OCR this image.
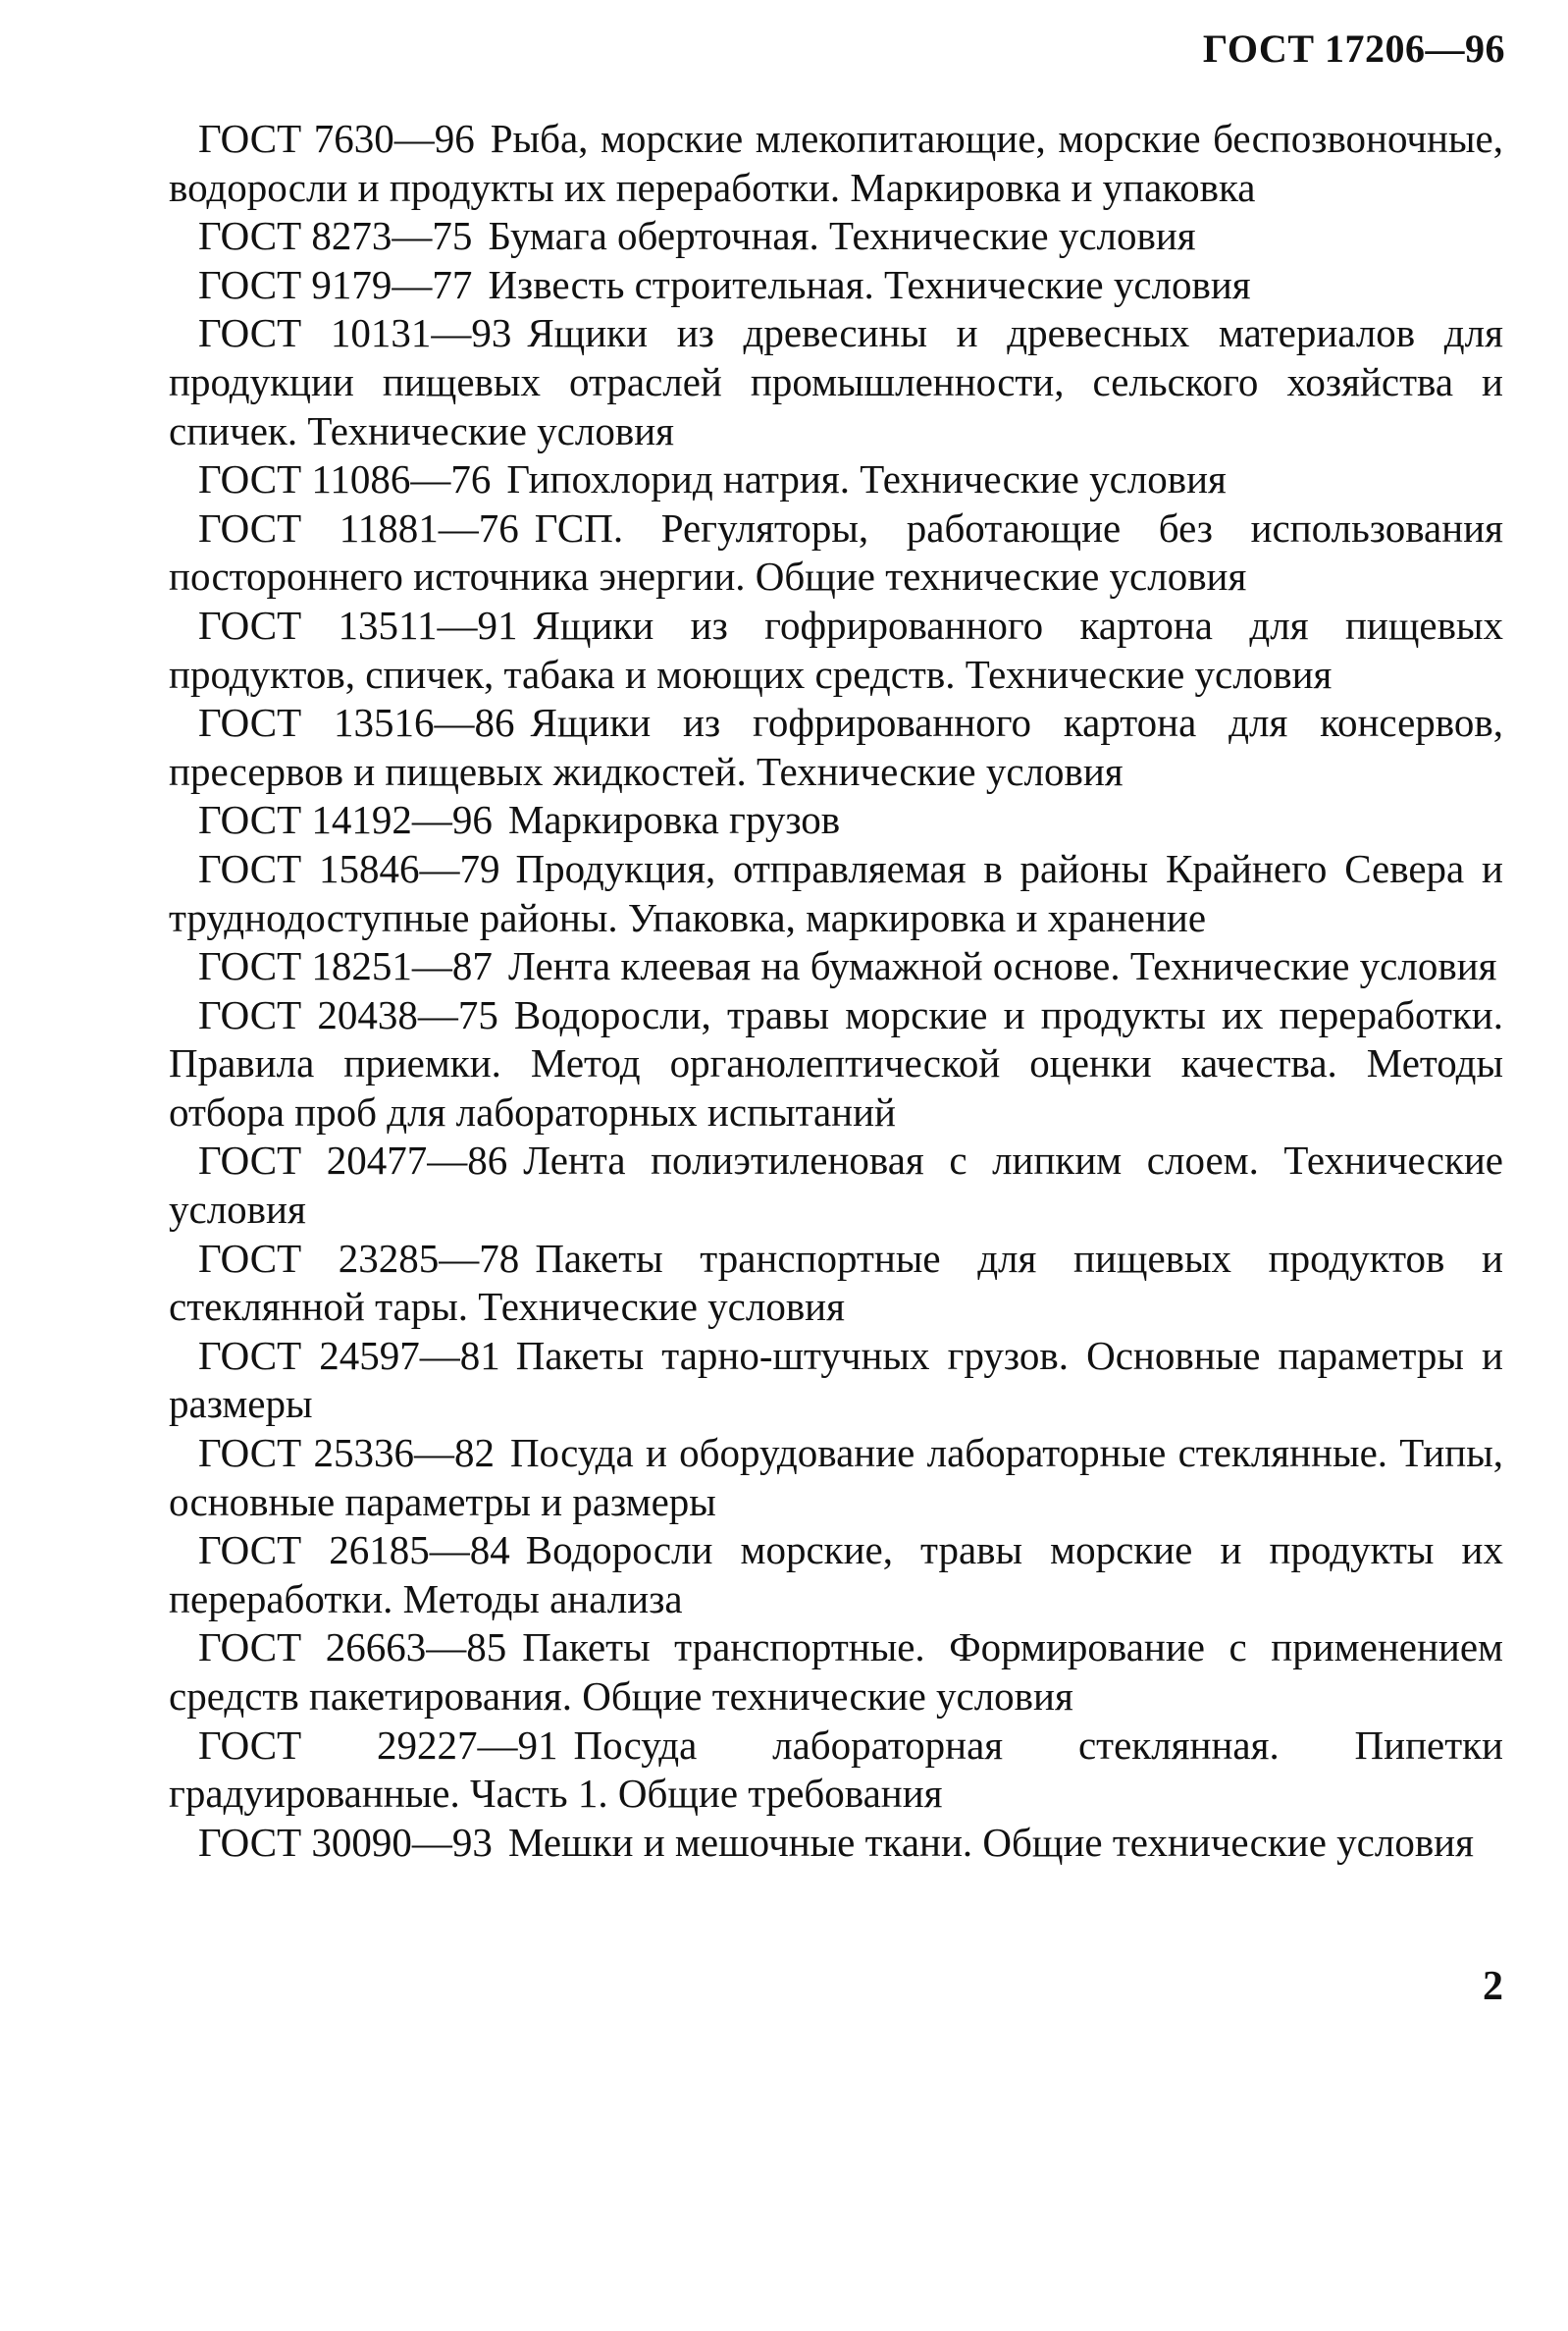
ГОСТ 17206—96
ГОСТ 7630—96 Рыба, морские млекопитающие, морские беспозвоночные, водоросли и продукты их переработки. Маркировка и упаковка
ГОСТ 8273—75 Бумага оберточная. Технические условия
ГОСТ 9179—77 Известь строительная. Технические условия
ГОСТ 10131—93 Ящики из древесины и древесных материалов для продукции пищевых отраслей промышленности, сельского хозяйства и спичек. Технические условия
ГОСТ 11086—76 Гипохлорид натрия. Технические условия
ГОСТ 11881—76 ГСП. Регуляторы, работающие без использования постороннего источника энергии. Общие технические условия
ГОСТ 13511—91 Ящики из гофрированного картона для пищевых продуктов, спичек, табака и моющих средств. Технические условия
ГОСТ 13516—86 Ящики из гофрированного картона для консервов, пресервов и пищевых жидкостей. Технические условия
ГОСТ 14192—96 Маркировка грузов
ГОСТ 15846—79 Продукция, отправляемая в районы Крайнего Севера и труднодоступные районы. Упаковка, маркировка и хранение
ГОСТ 18251—87 Лента клеевая на бумажной основе. Технические условия
ГОСТ 20438—75 Водоросли, травы морские и продукты их переработки. Правила приемки. Метод органолептической оценки качества. Методы отбора проб для лабораторных испытаний
ГОСТ 20477—86 Лента полиэтиленовая с липким слоем. Технические условия
ГОСТ 23285—78 Пакеты транспортные для пищевых продуктов и стеклянной тары. Технические условия
ГОСТ 24597—81 Пакеты тарно-штучных грузов. Основные параметры и размеры
ГОСТ 25336—82 Посуда и оборудование лабораторные стеклянные. Типы, основные параметры и размеры
ГОСТ 26185—84 Водоросли морские, травы морские и продукты их переработки. Методы анализа
ГОСТ 26663—85 Пакеты транспортные. Формирование с применением средств пакетирования. Общие технические условия
ГОСТ 29227—91 Посуда лабораторная стеклянная. Пипетки градуированные. Часть 1. Общие требования
ГОСТ 30090—93 Мешки и мешочные ткани. Общие технические условия
2
